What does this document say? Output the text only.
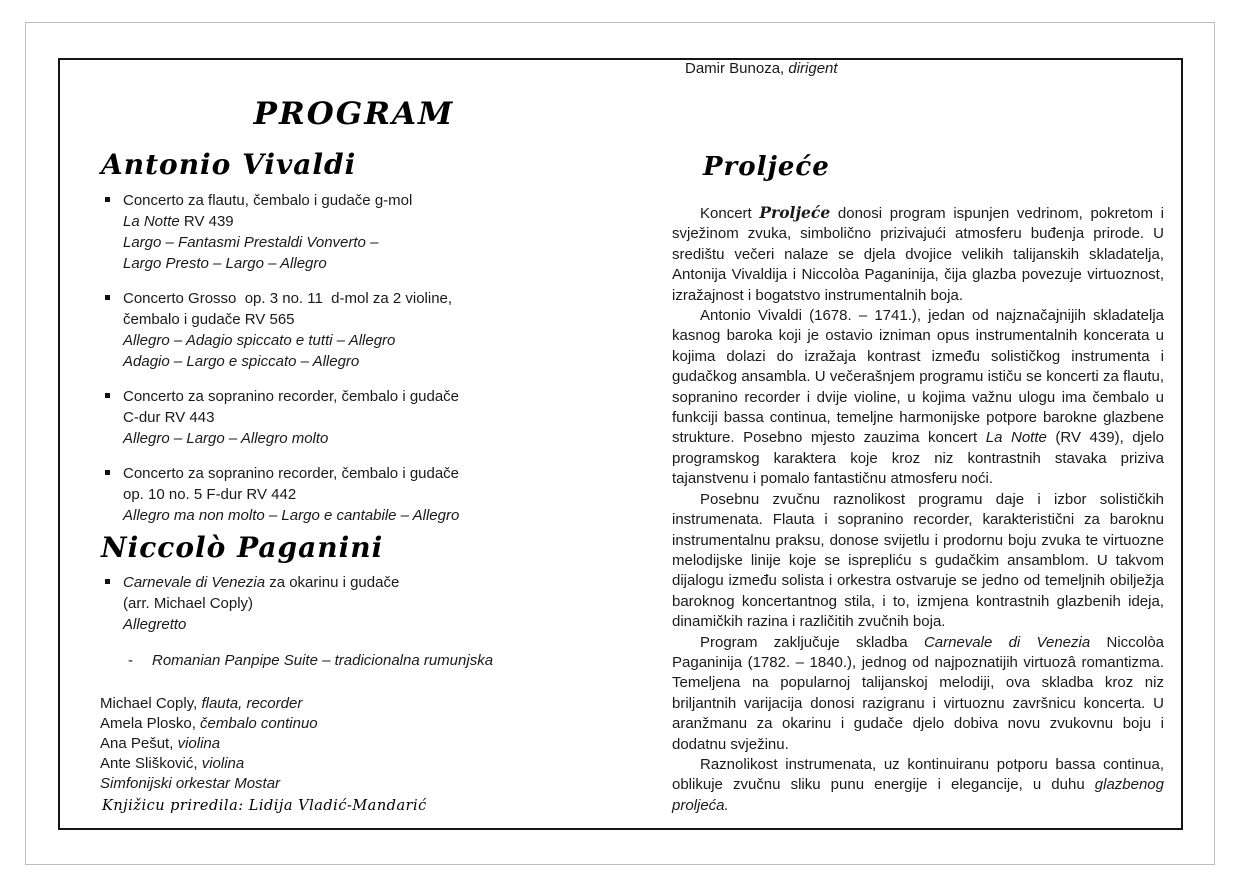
Damir Bunoza, dirigent
PROGRAM
Antonio Vivaldi
Concerto za flautu, čembalo i gudače g-mol
La Notte RV 439
Largo – Fantasmi Prestaldi Vonverto –
Largo Presto – Largo – Allegro
Concerto Grosso  op. 3 no. 11  d-mol za 2 violine,
čembalo i gudače RV 565
Allegro – Adagio spiccato e tutti – Allegro
Adagio – Largo e spiccato – Allegro
Concerto za sopranino recorder, čembalo i gudače
C-dur RV 443
Allegro – Largo – Allegro molto
Concerto za sopranino recorder, čembalo i gudače
op. 10 no. 5 F-dur RV 442
Allegro ma non molto – Largo e cantabile – Allegro
Niccolò Paganini
Carnevale di Venezia za okarinu i gudače
(arr. Michael Coply)
Allegretto
-	Romanian Panpipe Suite – tradicionalna rumunjska
Michael Coply, flauta, recorder
Amela Plosko, čembalo continuo
Ana Pešut, violina
Ante Slišković, violina
Simfonijski orkestar Mostar
Knjižicu priredila: Lidija Vladić-Mandarić
Proljeće

Koncert Proljeće donosi program ispunjen vedrinom, pokretom i svježinom zvuka, simbolično prizivajući atmosferu buđenja prirode. U središtu večeri nalaze se djela dvojice velikih talijanskih skladatelja, Antonija Vivaldija i Niccolòa Paganinija, čija glazba povezuje virtuoznost, izražajnost i bogatstvo instrumentalnih boja.

Antonio Vivaldi (1678. – 1741.), jedan od najznačajnijih skladatelja kasnog baroka koji je ostavio izniman opus instrumentalnih koncerata u kojima dolazi do izražaja kontrast između solističkog instrumenta i gudačkog ansambla. U večerašnjem programu ističu se koncerti za flautu, sopranino recorder i dvije violine, u kojima važnu ulogu ima čembalo u funkciji bassa continua, temeljne harmonijske potpore barokne glazbene strukture. Posebno mjesto zauzima koncert La Notte (RV 439), djelo programskog karaktera koje kroz niz kontrastnih stavaka priziva tajanstvenu i pomalo fantastičnu atmosferu noći.

Posebnu zvučnu raznolikost programu daje i izbor solističkih instrumenata. Flauta i sopranino recorder, karakteristični za baroknu instrumentalnu praksu, donose svijetlu i prodornu boju zvuka te virtuozne melodijske linije koje se isprepliću s gudačkim ansamblom. U takvom dijalogu između solista i orkestra ostvaruje se jedno od temeljnih obilježja baroknog koncertantnog stila, i to, izmjena kontrastnih glazbenih ideja, dinamičkih razina i različitih zvučnih boja.

Program zaključuje skladba Carnevale di Venezia Niccolòa Paganinija (1782. – 1840.), jednog od najpoznatijih virtuozâ romantizma. Temeljena na popularnoj talijanskoj melodiji, ova skladba kroz niz briljantnih varijacija donosi razigranu i virtuoznu završnicu koncerta. U aranžmanu za okarinu i gudače djelo dobiva novu zvukovnu boju i dodatnu svježinu.

Raznolikost instrumenata, uz kontinuiranu potporu bassa continua, oblikuje zvučnu sliku punu energije i elegancije, u duhu glazbenog proljeća.
